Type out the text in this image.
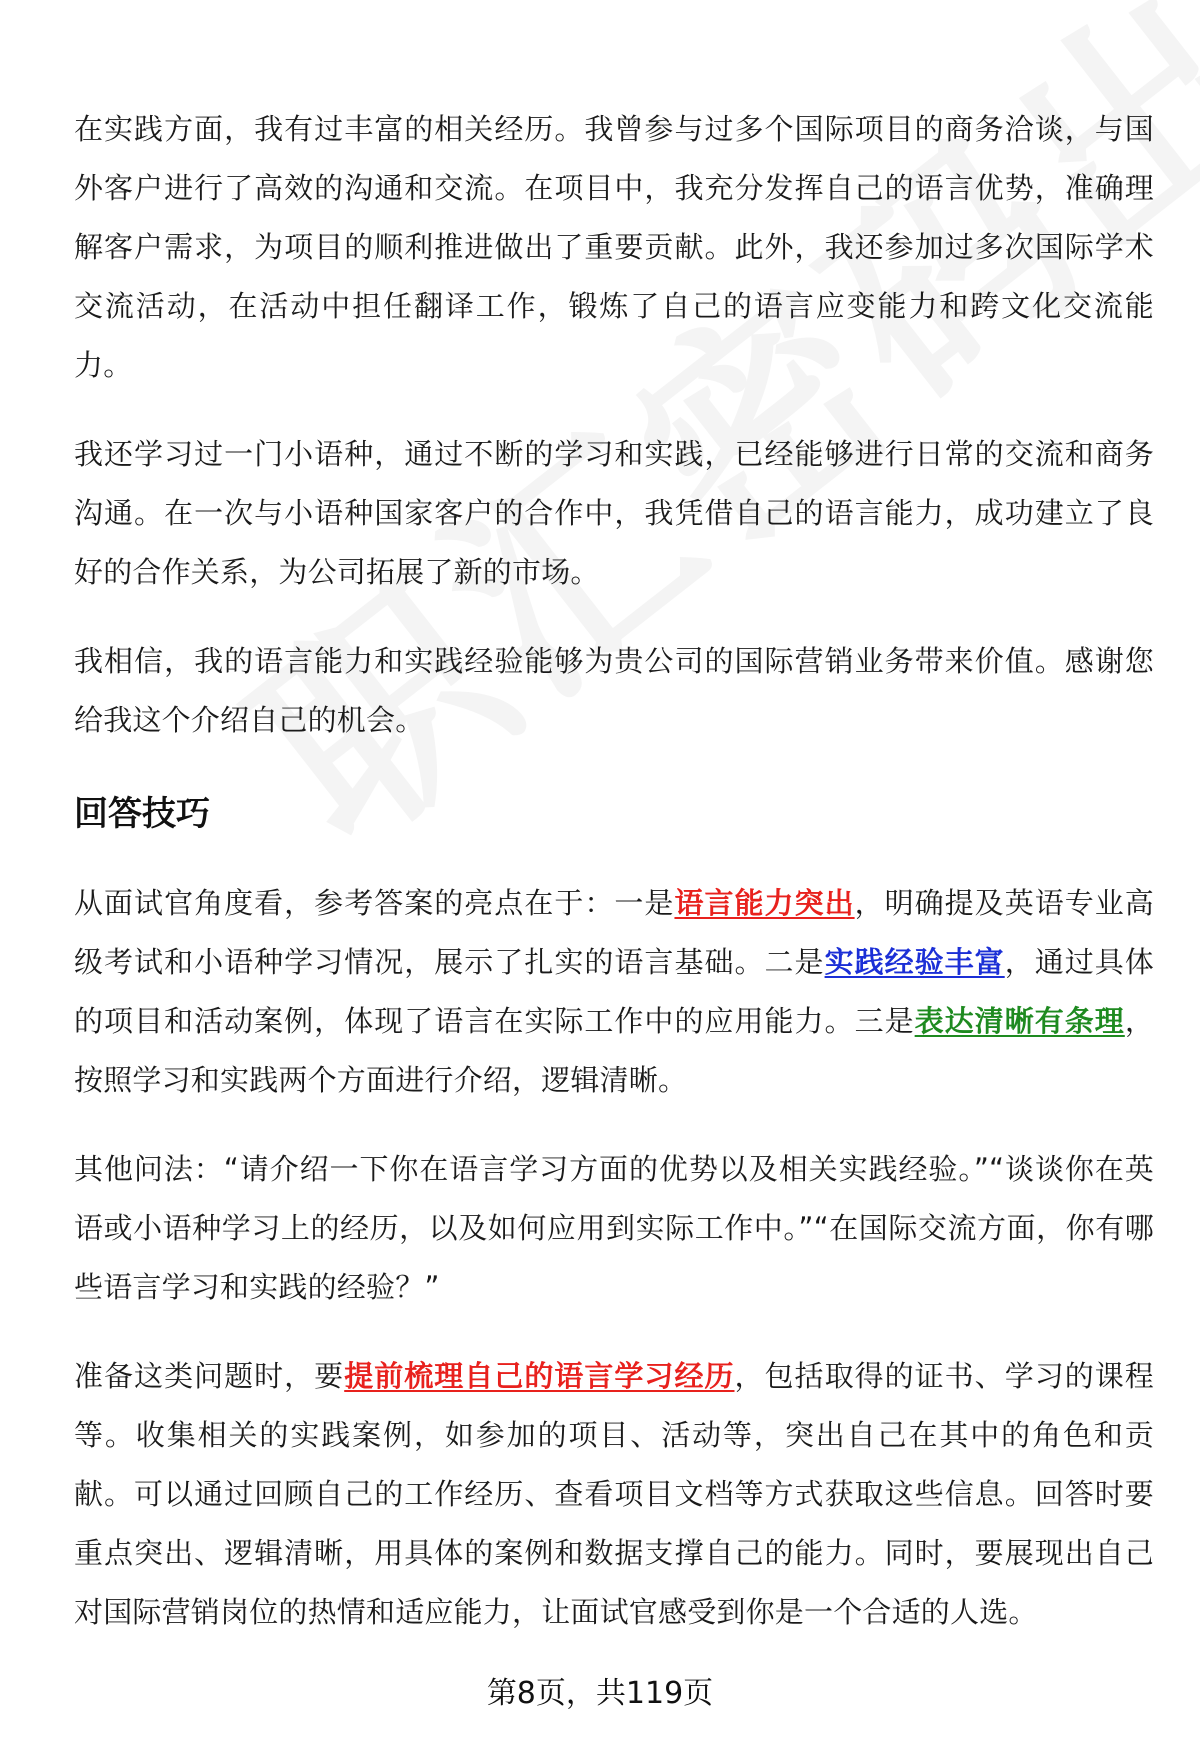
在实践方面，我有过丰富的相关经历。我曾参与过多个国际项目的商务洽谈，与国外客户进行了高效的沟通和交流。在项目中，我充分发挥自己的语言优势，准确理解客户需求，为项目的顺利推进做出了重要贡献。此外，我还参加过多次国际学术交流活动，在活动中担任翻译工作，锻炼了自己的语言应变能力和跨文化交流能力。

我还学习过一门小语种，通过不断的学习和实践，已经能够进行日常的交流和商务沟通。在一次与小语种国家客户的合作中，我凭借自己的语言能力，成功建立了良好的合作关系，为公司拓展了新的市场。

我相信，我的语言能力和实践经验能够为贵公司的国际营销业务带来价值。感谢您给我这个介绍自己的机会。

回答技巧

从面试官角度看，参考答案的亮点在于：一是语言能力突出，明确提及英语专业高级考试和小语种学习情况，展示了扎实的语言基础。二是实践经验丰富，通过具体的项目和活动案例，体现了语言在实际工作中的应用能力。三是表达清晰有条理，按照学习和实践两个方面进行介绍，逻辑清晰。

其他问法：“请介绍一下你在语言学习方面的优势以及相关实践经验。”“谈谈你在英语或小语种学习上的经历，以及如何应用到实际工作中。”“在国际交流方面，你有哪些语言学习和实践的经验？”

准备这类问题时，要提前梳理自己的语言学习经历，包括取得的证书、学习的课程等。收集相关的实践案例，如参加的项目、活动等，突出自己在其中的角色和贡献。可以通过回顾自己的工作经历、查看项目文档等方式获取这些信息。回答时要重点突出、逻辑清晰，用具体的案例和数据支撑自己的能力。同时，要展现出自己对国际营销岗位的热情和适应能力，让面试官感受到你是一个合适的人选。

第8页，共119页
